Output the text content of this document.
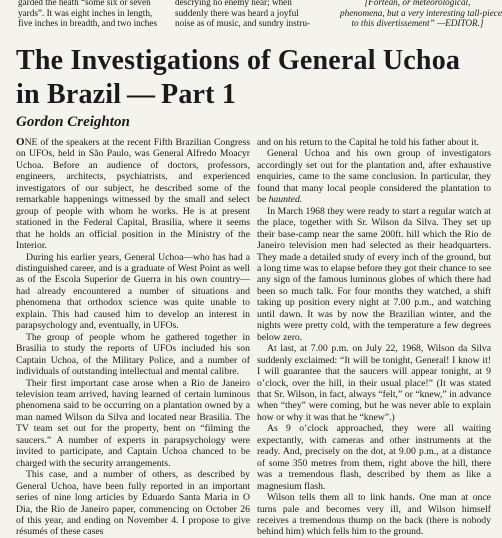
garded the heath “some six or seven

yards”. It was eight inches in length,

five inches in breadth, and two inches

descrying no enemy near; when

suddenly there was heard a joyful

noise as of music, and sundry instru-

[Fortean, or meteorological,

phenomena, but a very interesting tall-piece

to this divertissement” —EDITOR.]

The Investigations of General Uchoa in Brazil — Part 1
Gordon Creighton

ONE of the speakers at the recent Fifth Brazilian Congress on UFOs, held in São Paulo, was General Alfredo Moacyr Uchoa. Before an audience of doctors, professors, engineers, architects, psychiatrists, and experienced investigators of our subject, he described some of the remarkable happenings witnessed by the small and select group of people with whom he works. He is at present stationed in the Federal Capital, Brasilia, where it seems that he holds an official position in the Ministry of the Interior.

During his earlier years, General Uchoa—who has had a distinguished career, and is a graduate of West Point as well as of the Escola Superior de Guerra in his own country—had already encountered a number of situations and phenomena that orthodox science was quite unable to explain. This had caused him to develop an interest in parapsychology and, eventually, in UFOs.

The group of people whom he gathered together in Brasilia to study the reports of UFOs included his son Captain Uchoa, of the Military Police, and a number of individuals of outstanding intellectual and mental calibre.

Their first important case arose when a Rio de Janeiro television team arrived, having learned of certain luminous phenomena said to be occurring on a plantation owned by a man named Wilson da Silva and located near Brasilia. The TV team set out for the property, bent on “filming the saucers.” A number of experts in parapsychology were invited to participate, and Captain Uchoa chanced to be charged with the security arrangements.

This case, and a number of others, as described by General Uchoa, have been fully reported in an important series of nine long articles by Eduardo Santa Maria in O Dia, the Rio de Janeiro paper, commencing on October 26 of this year, and ending on November 4. I propose to give résumés of these cases

and on his return to the Capital he told his father about it.

General Uchoa and his own group of investigators accordingly set out for the plantation and, after exhaustive enquiries, came to the same conclusion. In particular, they found that many local people considered the plantation to be haunted.

In March 1968 they were ready to start a regular watch at the place, together with Sr. Wilson da Silva. They set up their base-camp near the same 200ft. hill which the Rio de Janeiro television men had selected as their headquarters. They made a detailed study of every inch of the ground, but a long time was to elapse before they got their chance to see any sign of the famous luminous globes of which there had been so much talk. For four months they watched, a shift taking up position every night at 7.00 p.m., and watching until dawn. It was by now the Brazilian winter, and the nights were pretty cold, with the temperature a few degrees below zero.

At last, at 7.00 p.m. on July 22, 1968, Wilson da Silva suddenly exclaimed: “It will be tonight, General! I know it! I will guarantee that the saucers will appear tonight, at 9 o’clock, over the hill, in their usual place!” (It was stated that Sr. Wilson, in fact, always “felt,” or “knew,” in advance when “they” were coming, but he was never able to explain how or why it was that he “knew”.)

As 9 o’clock approached, they were all waiting expectantly, with cameras and other instruments at the ready. And, precisely on the dot, at 9.00 p.m., at a distance of some 350 metres from them, right above the hill, there was a tremendous flash, described by them as like a magnesium flash.

Wilson tells them all to link hands. One man at once turns pale and becomes very ill, and Wilson himself receives a tremendous thump on the back (there is nobody behind him) which fells him to the ground.
